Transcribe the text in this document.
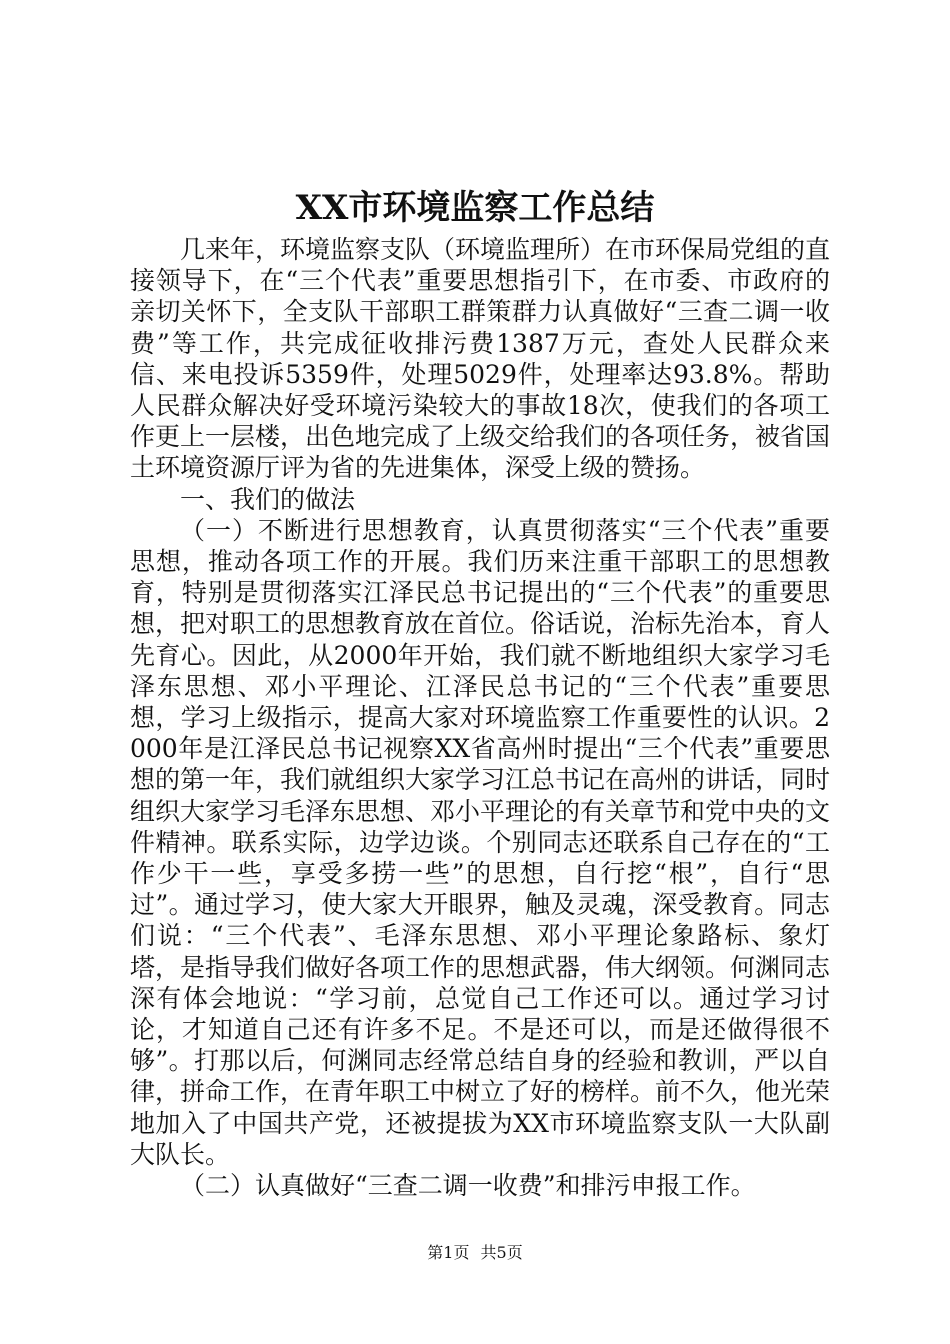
XX市环境监察工作总结

几来年，环境监察支队（环境监理所）在市环保局党组的直接领导下，在“三个代表”重要思想指引下，在市委、市政府的亲切关怀下，全支队干部职工群策群力认真做好“三查二调一收费”等工作，共完成征收排污费1387万元，查处人民群众来信、来电投诉5359件，处理5029件，处理率达93.8%。帮助人民群众解决好受环境污染较大的事故18次，使我们的各项工作更上一层楼，出色地完成了上级交给我们的各项任务，被省国土环境资源厅评为省的先进集体，深受上级的赞扬。

一、我们的做法

（一）不断进行思想教育，认真贯彻落实“三个代表”重要思想，推动各项工作的开展。我们历来注重干部职工的思想教育，特别是贯彻落实江泽民总书记提出的“三个代表”的重要思想，把对职工的思想教育放在首位。俗话说，治标先治本，育人先育心。因此，从2000年开始，我们就不断地组织大家学习毛泽东思想、邓小平理论、江泽民总书记的“三个代表”重要思想，学习上级指示，提高大家对环境监察工作重要性的认识。2000年是江泽民总书记视察XX省高州时提出“三个代表”重要思想的第一年，我们就组织大家学习江总书记在高州的讲话，同时组织大家学习毛泽东思想、邓小平理论的有关章节和党中央的文件精神。联系实际，边学边谈。个别同志还联系自己存在的“工作少干一些，享受多捞一些”的思想，自行挖“根”，自行“思过”。通过学习，使大家大开眼界，触及灵魂，深受教育。同志们说：“三个代表”、毛泽东思想、邓小平理论象路标、象灯塔，是指导我们做好各项工作的思想武器，伟大纲领。何渊同志深有体会地说：“学习前，总觉自己工作还可以。通过学习讨论，才知道自己还有许多不足。不是还可以，而是还做得很不够”。打那以后，何渊同志经常总结自身的经验和教训，严以自律，拼命工作，在青年职工中树立了好的榜样。前不久，他光荣地加入了中国共产党，还被提拔为XX市环境监察支队一大队副大队长。

（二）认真做好“三查二调一收费”和排污申报工作。

第1页 共5页
